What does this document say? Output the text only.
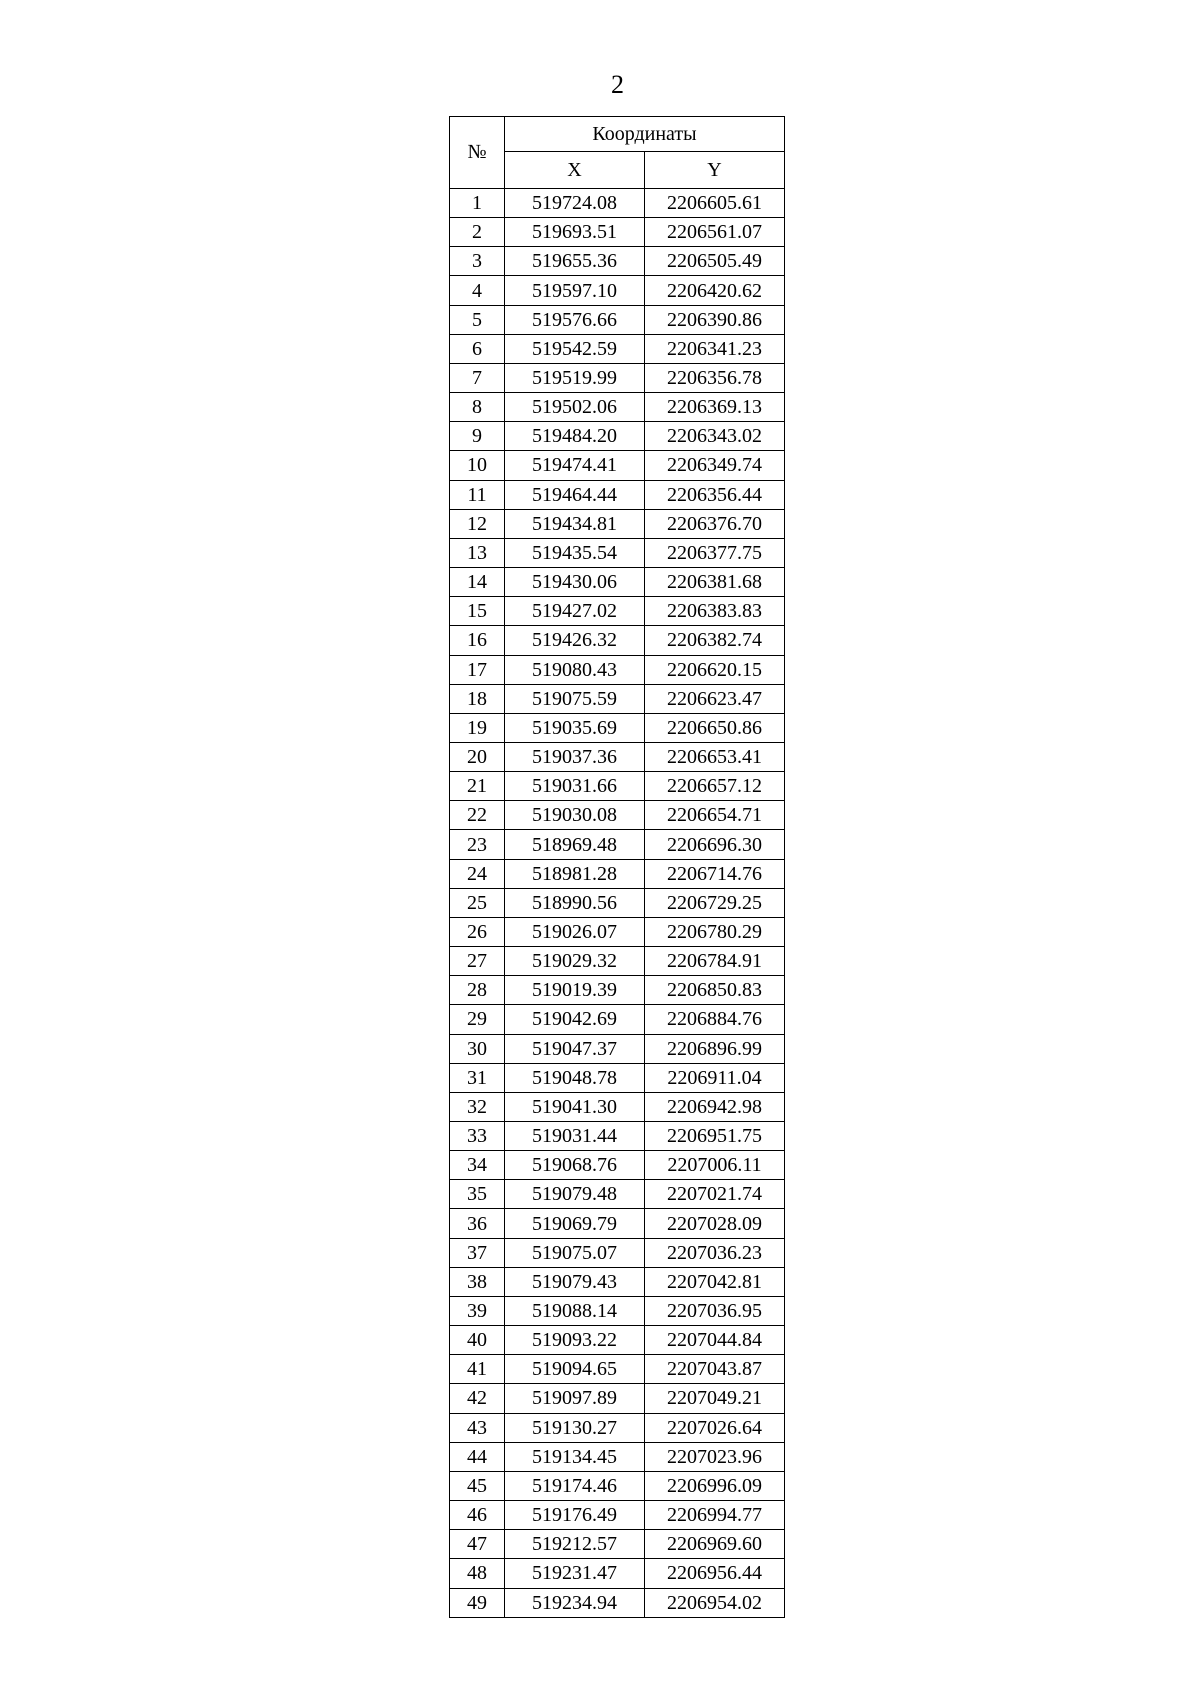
2
№	Координаты	
	X	Y
1	519724.08	2206605.61
2	519693.51	2206561.07
3	519655.36	2206505.49
4	519597.10	2206420.62
5	519576.66	2206390.86
6	519542.59	2206341.23
7	519519.99	2206356.78
8	519502.06	2206369.13
9	519484.20	2206343.02
10	519474.41	2206349.74
11	519464.44	2206356.44
12	519434.81	2206376.70
13	519435.54	2206377.75
14	519430.06	2206381.68
15	519427.02	2206383.83
16	519426.32	2206382.74
17	519080.43	2206620.15
18	519075.59	2206623.47
19	519035.69	2206650.86
20	519037.36	2206653.41
21	519031.66	2206657.12
22	519030.08	2206654.71
23	518969.48	2206696.30
24	518981.28	2206714.76
25	518990.56	2206729.25
26	519026.07	2206780.29
27	519029.32	2206784.91
28	519019.39	2206850.83
29	519042.69	2206884.76
30	519047.37	2206896.99
31	519048.78	2206911.04
32	519041.30	2206942.98
33	519031.44	2206951.75
34	519068.76	2207006.11
35	519079.48	2207021.74
36	519069.79	2207028.09
37	519075.07	2207036.23
38	519079.43	2207042.81
39	519088.14	2207036.95
40	519093.22	2207044.84
41	519094.65	2207043.87
42	519097.89	2207049.21
43	519130.27	2207026.64
44	519134.45	2207023.96
45	519174.46	2206996.09
46	519176.49	2206994.77
47	519212.57	2206969.60
48	519231.47	2206956.44
49	519234.94	2206954.02
